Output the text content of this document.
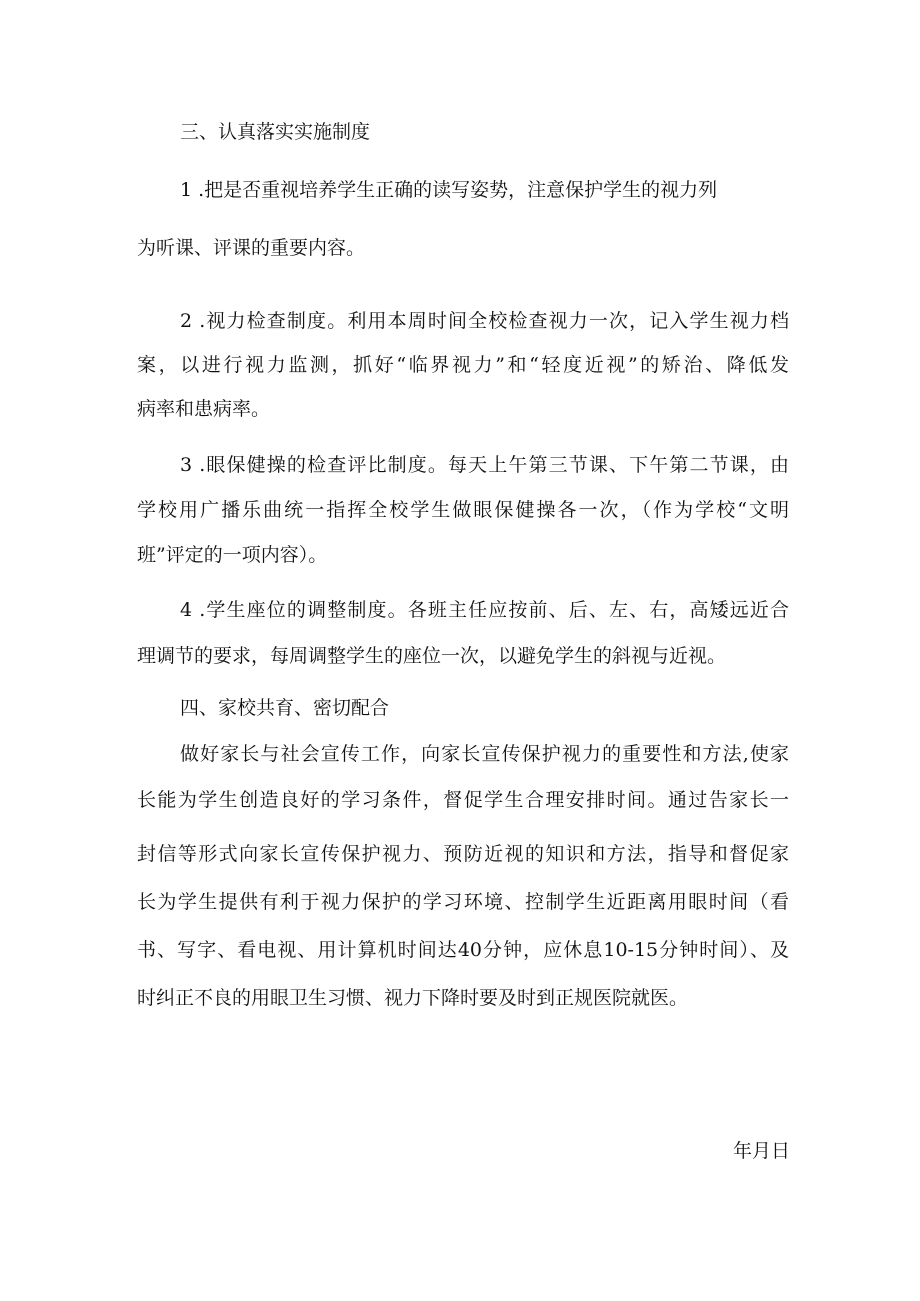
三、认真落实实施制度

1 .把是否重视培养学生正确的读写姿势，注意保护学生的视力列

为听课、评课的重要内容。

2 .视力检查制度。利用本周时间全校检查视力一次，记入学生视力档

案，以进行视力监测，抓好“临界视力”和“轻度近视”的矫治、降低发

病率和患病率。

3 .眼保健操的检查评比制度。每天上午第三节课、下午第二节课，由

学校用广播乐曲统一指挥全校学生做眼保健操各一次，（作为学校“文明

班”评定的一项内容）。

4 .学生座位的调整制度。各班主任应按前、后、左、右，高矮远近合

理调节的要求，每周调整学生的座位一次，以避免学生的斜视与近视。

四、家校共育、密切配合

做好家长与社会宣传工作，向家长宣传保护视力的重要性和方法,使家

长能为学生创造良好的学习条件，督促学生合理安排时间。通过告家长一

封信等形式向家长宣传保护视力、预防近视的知识和方法，指导和督促家

长为学生提供有利于视力保护的学习环境、控制学生近距离用眼时间（看

书、写字、看电视、用计算机时间达40分钟，应休息10-15分钟时间）、及

时纠正不良的用眼卫生习惯、视力下降时要及时到正规医院就医。

年月日
